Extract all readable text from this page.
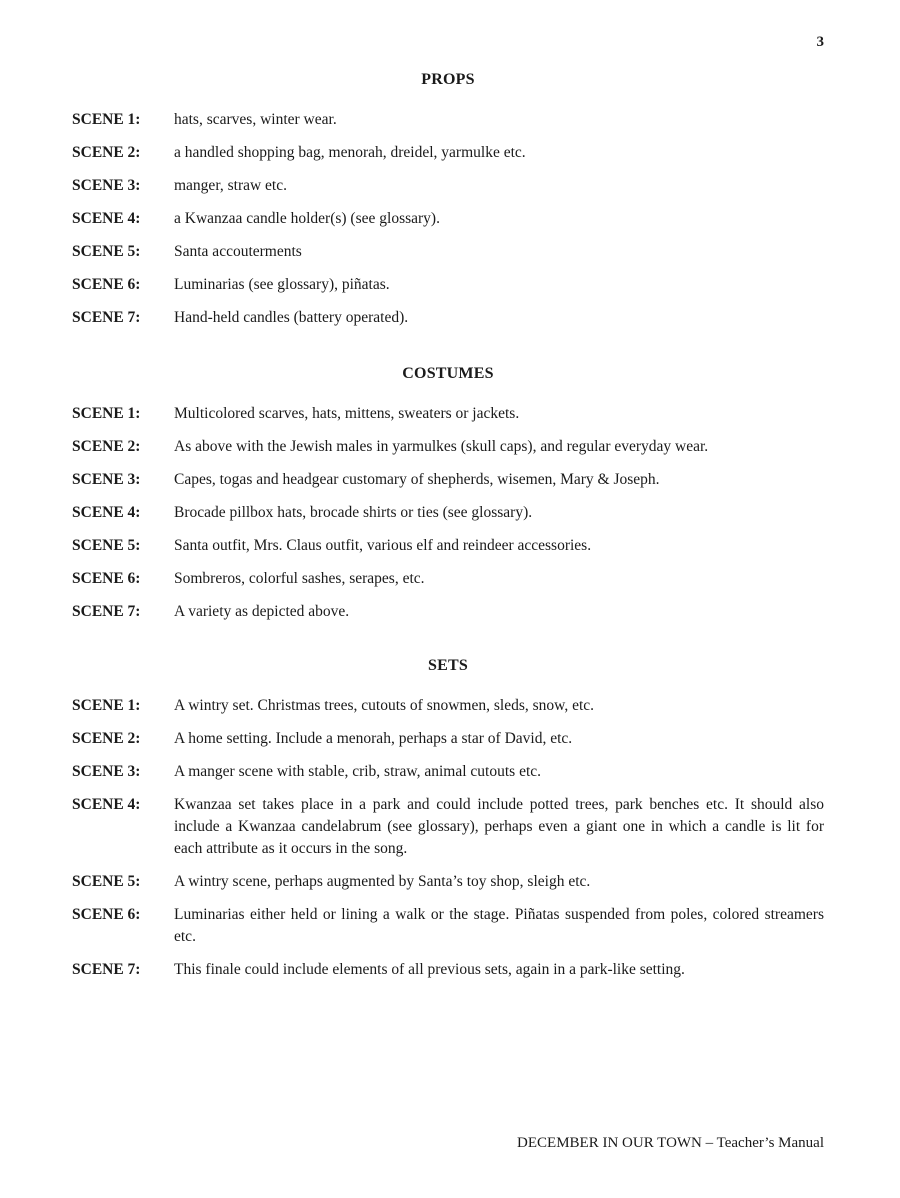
3
PROPS
SCENE 1:	hats, scarves, winter wear.
SCENE 2:	a handled shopping bag, menorah, dreidel, yarmulke etc.
SCENE 3:	manger, straw etc.
SCENE 4:	a Kwanzaa candle holder(s) (see glossary).
SCENE 5:	Santa accouterments
SCENE 6:	Luminarias (see glossary), piñatas.
SCENE 7:	Hand-held candles (battery operated).
COSTUMES
SCENE 1:	Multicolored scarves, hats, mittens, sweaters or jackets.
SCENE 2:	As above with the Jewish males in yarmulkes (skull caps), and regular everyday wear.
SCENE 3:	Capes, togas and headgear customary of shepherds, wisemen, Mary & Joseph.
SCENE 4:	Brocade pillbox hats, brocade shirts or ties (see glossary).
SCENE 5:	Santa outfit, Mrs. Claus outfit, various elf and reindeer accessories.
SCENE 6:	Sombreros, colorful sashes, serapes, etc.
SCENE 7:	A variety as depicted above.
SETS
SCENE 1:	A wintry set. Christmas trees, cutouts of snowmen, sleds, snow, etc.
SCENE 2:	A home setting. Include a menorah, perhaps a star of David, etc.
SCENE 3:	A manger scene with stable, crib, straw, animal cutouts etc.
SCENE 4:	Kwanzaa set takes place in a park and could include potted trees, park benches etc. It should also include a Kwanzaa candelabrum (see glossary), perhaps even a giant one in which a candle is lit for each attribute as it occurs in the song.
SCENE 5:	A wintry scene, perhaps augmented by Santa’s toy shop, sleigh etc.
SCENE 6:	Luminarias either held or lining a walk or the stage. Piñatas suspended from poles, colored streamers etc.
SCENE 7:	This finale could include elements of all previous sets, again in a park-like setting.
DECEMBER IN OUR TOWN – Teacher’s Manual
